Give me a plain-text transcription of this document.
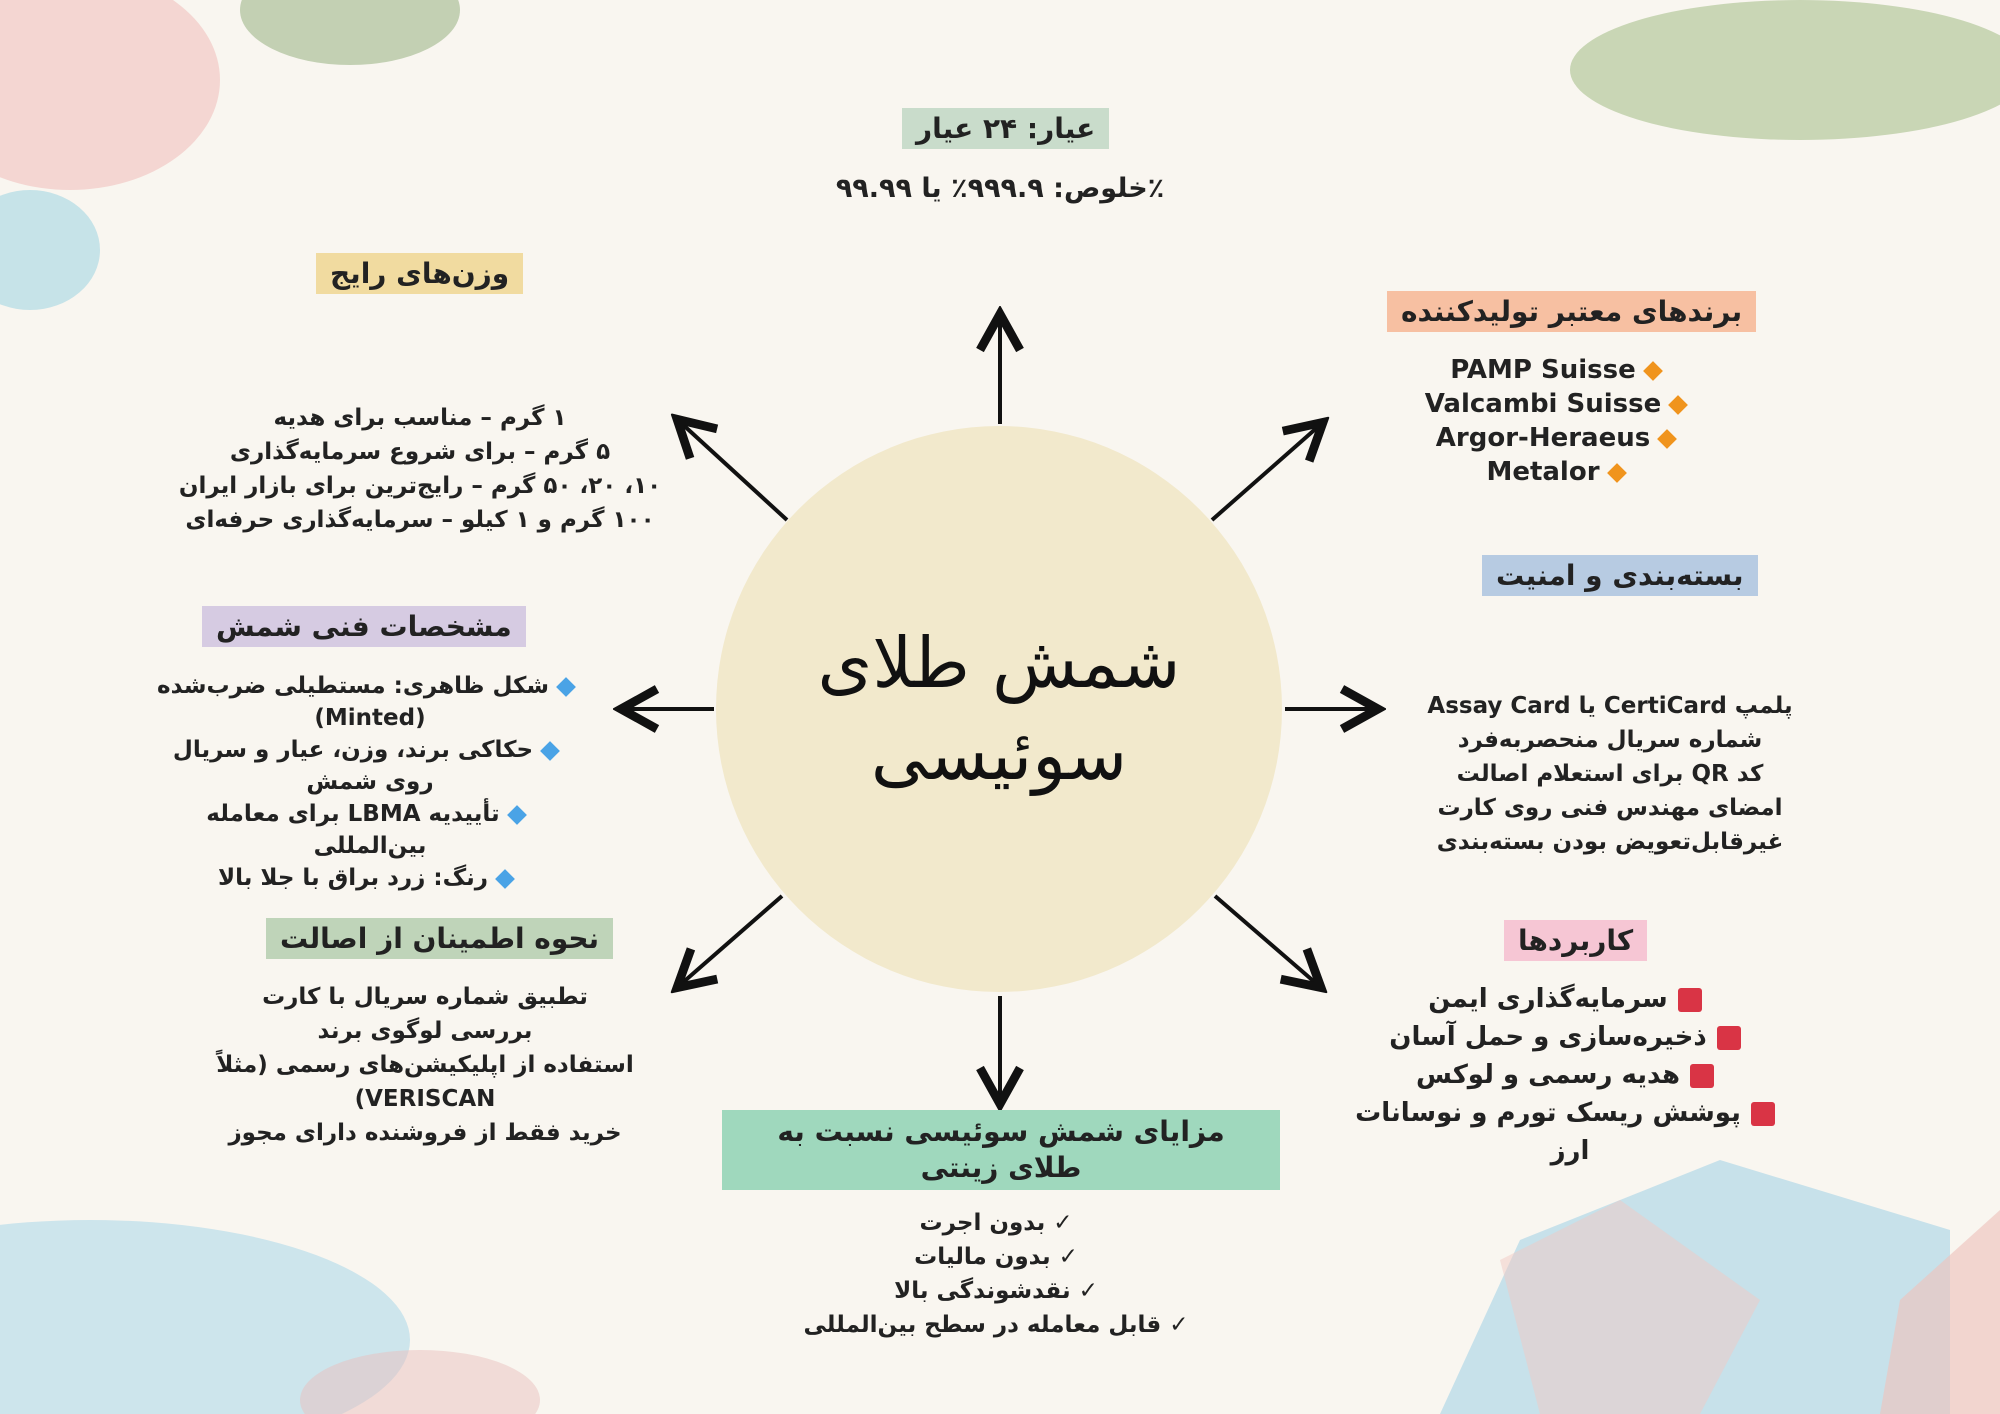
شمش طلای سوئیسی
عیار: ۲۴ عیار
٪خلوص: ۹۹۹.۹٪ یا ۹۹.۹۹
وزن‌های رایج
۱ گرم – مناسب برای هدیه
۵ گرم – برای شروع سرمایه‌گذاری
۱۰، ۲۰، ۵۰ گرم – رایج‌ترین برای بازار ایران
۱۰۰ گرم و ۱ کیلو – سرمایه‌گذاری حرفه‌ای
برندهای معتبر تولیدکننده
PAMP Suisse
Valcambi Suisse
Argor-Heraeus
Metalor
مشخصات فنی شمش
شکل ظاهری: مستطیلی ضرب‌شده
(Minted)
حکاکی برند، وزن، عیار و سریال
روی شمش
تأییدیه LBMA برای معامله
بین‌المللی
رنگ: زرد براق با جلا بالا
بسته‌بندی و امنیت
پلمپ CertiCard یا Assay Card
شماره سریال منحصربه‌فرد
کد QR برای استعلام اصالت
امضای مهندس فنی روی کارت
غیرقابل‌تعویض بودن بسته‌بندی
نحوه اطمینان از اصالت
تطبیق شماره سریال با کارت
بررسی لوگوی برند
استفاده از اپلیکیشن‌های رسمی (مثلاً
VERISCAN)
خرید فقط از فروشنده دارای مجوز
کاربردها
سرمایه‌گذاری ایمن
ذخیره‌سازی و حمل آسان
هدیه رسمی و لوکس
پوشش ریسک تورم و نوسانات
ارز
مزایای شمش سوئیسی نسبت به طلای زینتی
✓بدون اجرت
✓بدون مالیات
✓نقدشوندگی بالا
✓قابل معامله در سطح بین‌المللی
